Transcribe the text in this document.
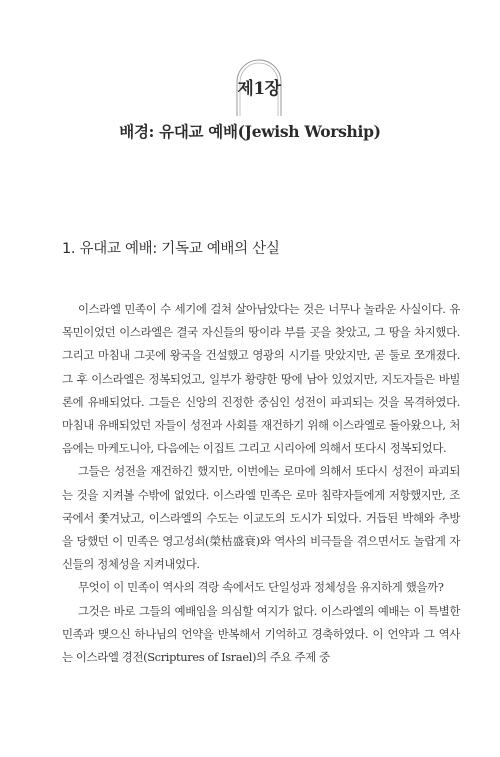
제1장
배경: 유대교 예배(Jewish Worship)
1. 유대교 예배: 기독교 예배의 산실

이스라엘 민족이 수 세기에 걸쳐 살아남았다는 것은 너무나 놀라운 사실이다. 유목민이었던 이스라엘은 결국 자신들의 땅이라 부를 곳을 찾았고, 그 땅을 차지했다. 그리고 마침내 그곳에 왕국을 건설했고 영광의 시기를 맛았지만, 곧 둘로 쪼개졌다. 그 후 이스라엘은 정복되었고, 일부가 황량한 땅에 남아 있었지만, 지도자들은 바빌론에 유배되었다. 그들은 신앙의 진정한 중심인 성전이 파괴되는 것을 목격하였다. 마침내 유배되었던 자들이 성전과 사회를 재건하기 위해 이스라엘로 돌아왔으나, 처음에는 마케도니아, 다음에는 이집트 그리고 시리아에 의해서 또다시 정복되었다.

그들은 성전을 재건하긴 했지만, 이번에는 로마에 의해서 또다시 성전이 파괴되는 것을 지켜볼 수밖에 없었다. 이스라엘 민족은 로마 침략자들에게 저항했지만, 조국에서 쫓겨났고, 이스라엘의 수도는 이교도의 도시가 되었다. 거듭된 박해와 추방을 당했던 이 민족은 영고성쇠(榮枯盛衰)와 역사의 비극들을 겪으면서도 놀랍게 자신들의 정체성을 지켜내었다.

무엇이 이 민족이 역사의 격랑 속에서도 단일성과 정체성을 유지하게 했을까?

그것은 바로 그들의 예배임을 의심할 여지가 없다. 이스라엘의 예배는 이 특별한 민족과 맺으신 하나님의 언약을 반복해서 기억하고 경축하였다. 이 언약과 그 역사는 이스라엘 경전(Scriptures of Israel)의 주요 주제 중
